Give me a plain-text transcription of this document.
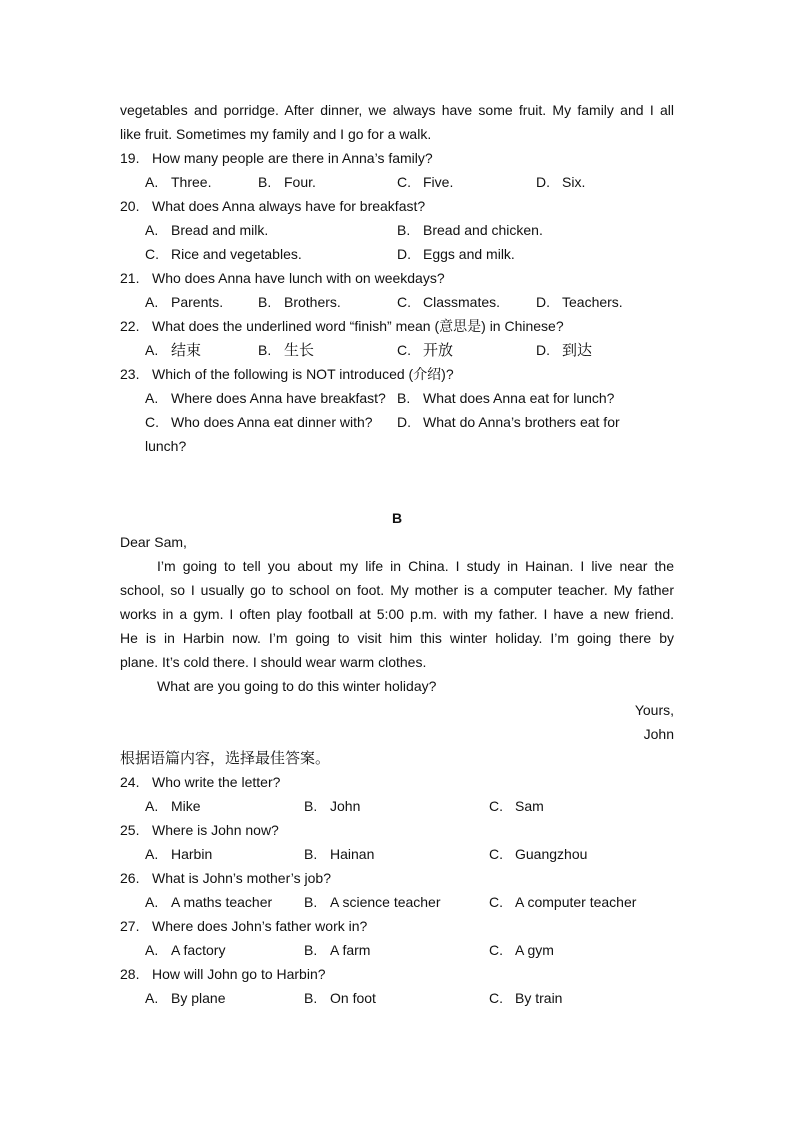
vegetables and porridge. After dinner, we always have some fruit. My family and I all
like fruit. Sometimes my family and I go for a walk.
19. How many people are there in Anna’s family?
A. Three.	B. Four.	C. Five.	D. Six.
20. What does Anna always have for breakfast?
A. Bread and milk.	B. Bread and chicken.
C. Rice and vegetables.	D. Eggs and milk.
21. Who does Anna have lunch with on weekdays?
A. Parents. B. Brothers.	C. Classmates.	D. Teachers.
22. What does the underlined word “finish” mean (意思是) in Chinese?
A. 结束	B. 生长	C. 开放	D. 到达
23. Which of the following is NOT introduced (介绍)?
A. Where does Anna have breakfast? B. What does Anna eat for lunch?
C. Who does Anna eat dinner with? D. What do Anna’s brothers eat for
lunch?
B
Dear Sam,
I’m going to tell you about my life in China. I study in Hainan. I live near the
school, so I usually go to school on foot. My mother is a computer teacher. My father
works in a gym. I often play football at 5:00 p.m. with my father. I have a new friend.
He is in Harbin now. I’m going to visit him this winter holiday. I’m going there by
plane. It’s cold there. I should wear warm clothes.
What are you going to do this winter holiday?
Yours,
John
根据语篇内容，选择最佳答案。
24. Who write the letter?
A. Mike	B. John	C. Sam
25. Where is John now?
A. Harbin	B. Hainan	C. Guangzhou
26. What is John’s mother’s job?
A. A maths teacher B. A science teacher	C. A computer teacher
27. Where does John’s father work in?
A. A factory	B. A farm	C. A gym
28. How will John go to Harbin?
A. By plane	B. On foot	C. By train
